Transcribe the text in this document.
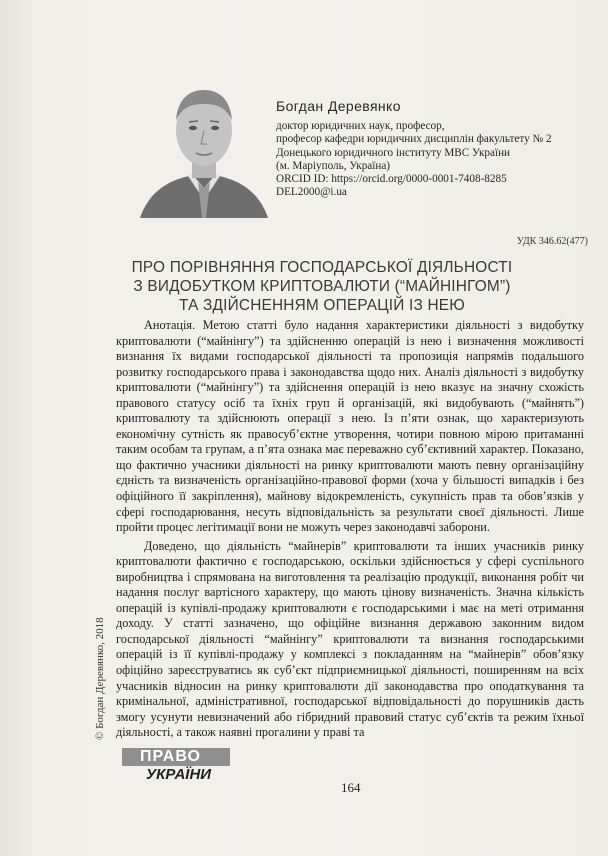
Богдан Деревянко
доктор юридичних наук, професор,
професор кафедри юридичних дисциплін факультету № 2
Донецького юридичного інституту МВС України
(м. Маріуполь, Україна)
ORCID ID: https://orcid.org/0000-0001-7408-8285
DEL2000@i.ua
УДК 346.62(477)
ПРО ПОРІВНЯННЯ ГОСПОДАРСЬКОЇ ДІЯЛЬНОСТІ
З ВИДОБУТКОМ КРИПТОВАЛЮТИ (“МАЙНІНГОМ”)
ТА ЗДІЙСНЕННЯМ ОПЕРАЦІЙ ІЗ НЕЮ

Анотація. Метою статті було надання характеристики діяльності з видобутку криптовалюти (“майнінгу”) та здійсненню операцій із нею і визначення можливості визнання їх видами господарської діяльності та пропозиція напрямів подальшого розвитку господарського права і законодавства щодо них. Аналіз діяльності з видобутку криптовалюти (“майнінгу”) та здійснення операцій із нею вказує на значну схожість правового статусу осіб та їхніх груп й організацій, які видобувають (“майнять”) криптовалюту та здійснюють операції з нею. Із п’яти ознак, що характеризують економічну сутність як правосуб’єктне утворення, чотири повною мірою притаманні таким особам та групам, а п’ята ознака має переважно суб’єктивний характер. Показано, що фактично учасники діяльності на ринку криптовалюти мають певну організаційну єдність та визначеність організаційно-правової форми (хоча у більшості випадків і без офіційного її закріплення), майнову відокремленість, сукупність прав та обов’язків у сфері господарювання, несуть відповідальність за результати своєї діяльності. Лише пройти процес легітимації вони не можуть через законодавчі заборони.

Доведено, що діяльність “майнерів” криптовалюти та інших учасників ринку криптовалюти фактично є господарською, оскільки здійснюється у сфері суспільного виробництва і спрямована на виготовлення та реалізацію продукції, виконання робіт чи надання послуг вартісного характеру, що мають цінову визначеність. Значна кількість операцій із купівлі-продажу криптовалюти є господарськими і має на меті отримання доходу. У статті зазначено, що офіційне визнання державою законним видом господарської діяльності “майнінгу” криптовалюти та визнання господарськими операцій із її купівлі-продажу у комплексі з покладанням на “майнерів” обов’язку офіційно зареєструватись як суб’єкт підприємницької діяльності, поширенням на всіх учасників відносин на ринку криптовалюти дії законодавства про оподаткування та кримінальної, адміністративної, господарської відповідальності до порушників дасть змогу усунути невизначений або гібридний правовий статус суб’єктів та режим їхньої діяльності, а також наявні прогалини у праві та

© Богдан Деревянко, 2018
ПРАВО
УКРАЇНИ
164
